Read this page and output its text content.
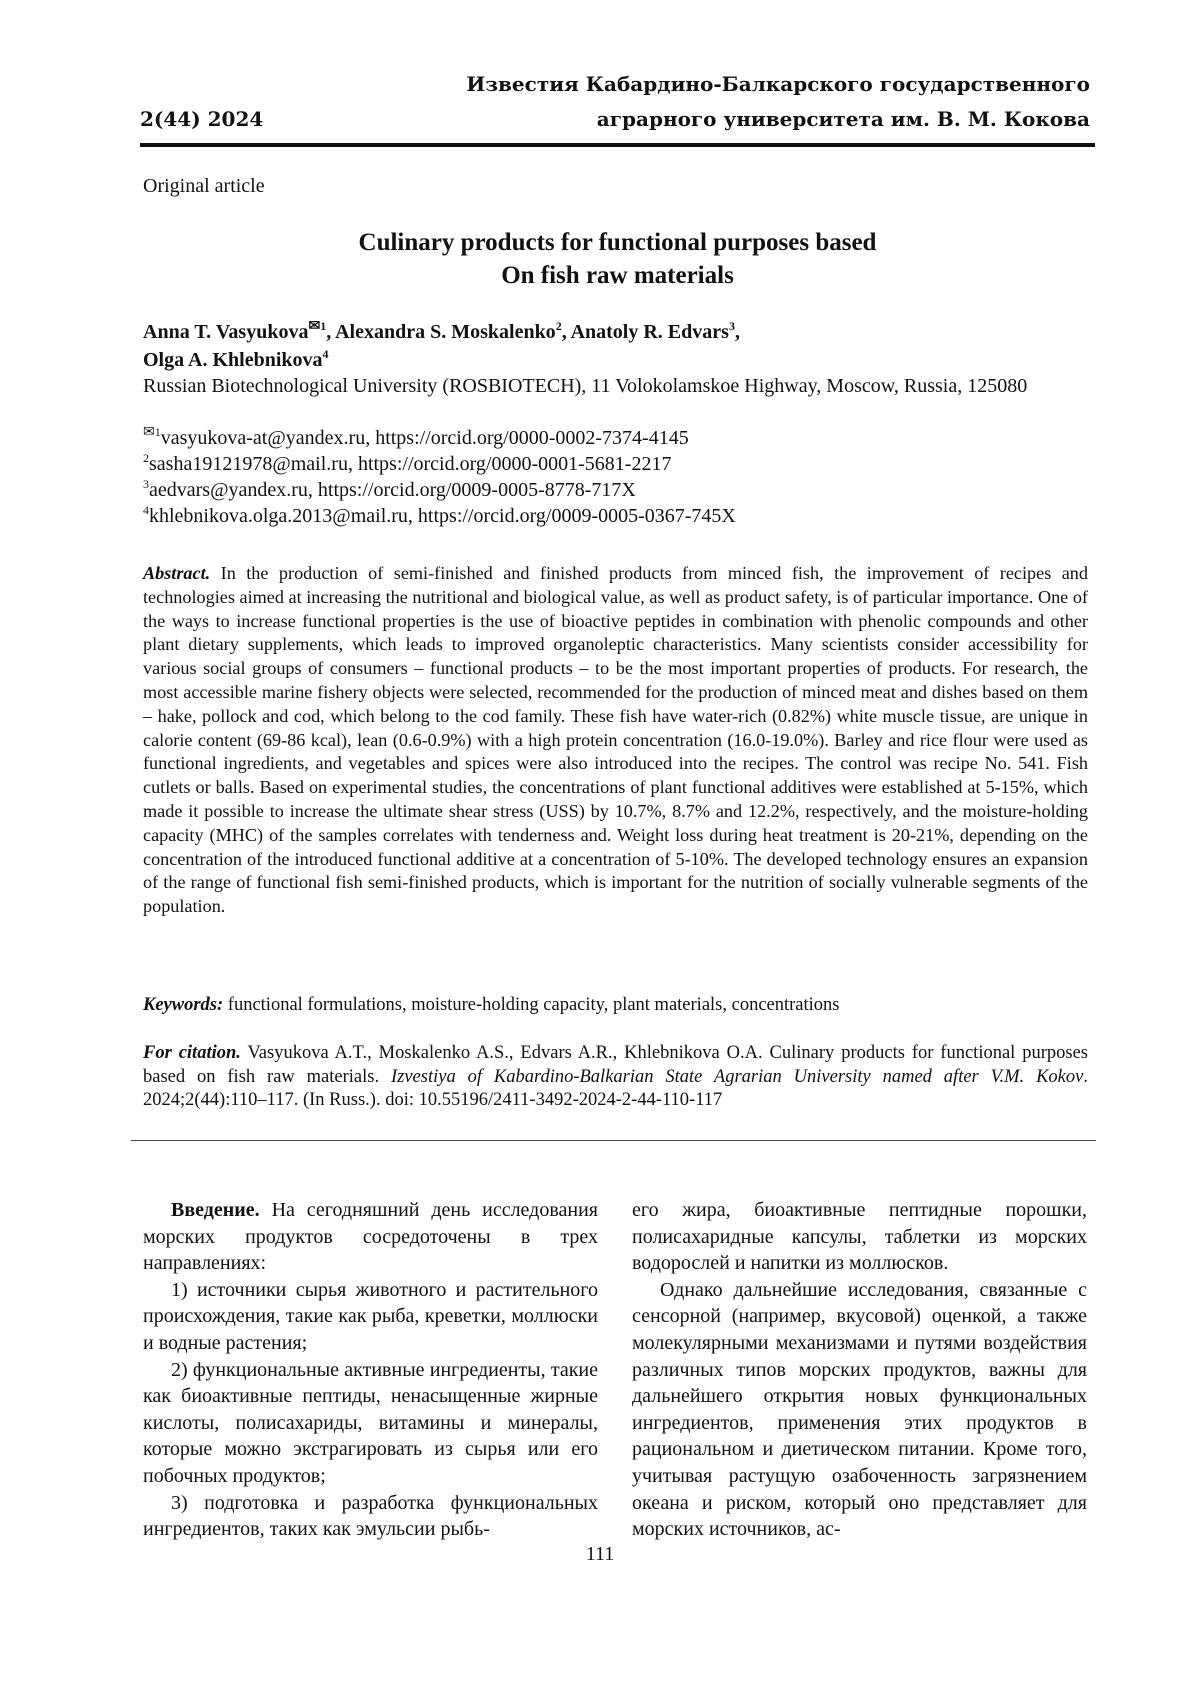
Известия Кабардино-Балкарского государственного
аграрного университета им. В. М. Кокова
2(44) 2024
Original article
Culinary products for functional purposes based
On fish raw materials
Anna T. Vasyukova✉1, Alexandra S. Moskalenko2, Anatoly R. Edvars3,
Olga A. Khlebnikova4
Russian Biotechnological University (ROSBIOTECH), 11 Volokolamskoe Highway, Moscow, Russia, 125080
✉1vasyukova-at@yandex.ru, https://orcid.org/0000-0002-7374-4145
2sasha19121978@mail.ru, https://orcid.org/0000-0001-5681-2217
3aedvars@yandex.ru, https://orcid.org/0009-0005-8778-717X
4khlebnikova.olga.2013@mail.ru, https://orcid.org/0009-0005-0367-745X
Abstract. In the production of semi-finished and finished products from minced fish, the improvement of recipes and technologies aimed at increasing the nutritional and biological value, as well as product safety, is of particular importance. One of the ways to increase functional properties is the use of bioactive peptides in combination with phenolic compounds and other plant dietary supplements, which leads to improved organoleptic characteristics. Many scientists consider accessibility for various social groups of consumers – functional products – to be the most important properties of products. For research, the most accessible marine fishery objects were selected, recommended for the production of minced meat and dishes based on them – hake, pollock and cod, which belong to the cod family. These fish have water-rich (0.82%) white muscle tissue, are unique in calorie content (69-86 kcal), lean (0.6-0.9%) with a high protein concentration (16.0-19.0%). Barley and rice flour were used as functional ingredients, and vegetables and spices were also introduced into the recipes. The control was recipe No. 541. Fish cutlets or balls. Based on experimental studies, the concentrations of plant functional additives were established at 5-15%, which made it possible to increase the ultimate shear stress (USS) by 10.7%, 8.7% and 12.2%, respectively, and the moisture-holding capacity (MHC) of the samples correlates with tenderness and. Weight loss during heat treatment is 20-21%, depending on the concentration of the introduced functional additive at a concentration of 5-10%. The developed technology ensures an expansion of the range of functional fish semi-finished products, which is important for the nutrition of socially vulnerable segments of the population.
Keywords: functional formulations, moisture-holding capacity, plant materials, concentrations
For citation. Vasyukova A.T., Moskalenko A.S., Edvars A.R., Khlebnikova O.A. Culinary products for functional purposes based on fish raw materials. Izvestiya of Kabardino-Balkarian State Agrarian University named after V.M. Kokov. 2024;2(44):110–117. (In Russ.). doi: 10.55196/2411-3492-2024-2-44-110-117

Введение. На сегодняшний день исследования морских продуктов сосредоточены в трех направлениях:

1) источники сырья животного и растительного происхождения, такие как рыба, креветки, моллюски и водные растения;

2) функциональные активные ингредиенты, такие как биоактивные пептиды, ненасыщенные жирные кислоты, полисахариды, витамины и минералы, которые можно экстрагировать из сырья или его побочных продуктов;

3) подготовка и разработка функциональных ингредиентов, таких как эмульсии рыбь-

его жира, биоактивные пептидные порошки, полисахаридные капсулы, таблетки из морских водорослей и напитки из моллюсков.

Однако дальнейшие исследования, связанные с сенсорной (например, вкусовой) оценкой, а также молекулярными механизмами и путями воздействия различных типов морских продуктов, важны для дальнейшего открытия новых функциональных ингредиентов, применения этих продуктов в рациональном и диетическом питании. Кроме того, учитывая растущую озабоченность загрязнением океана и риском, который оно представляет для морских источников, ас-

111
